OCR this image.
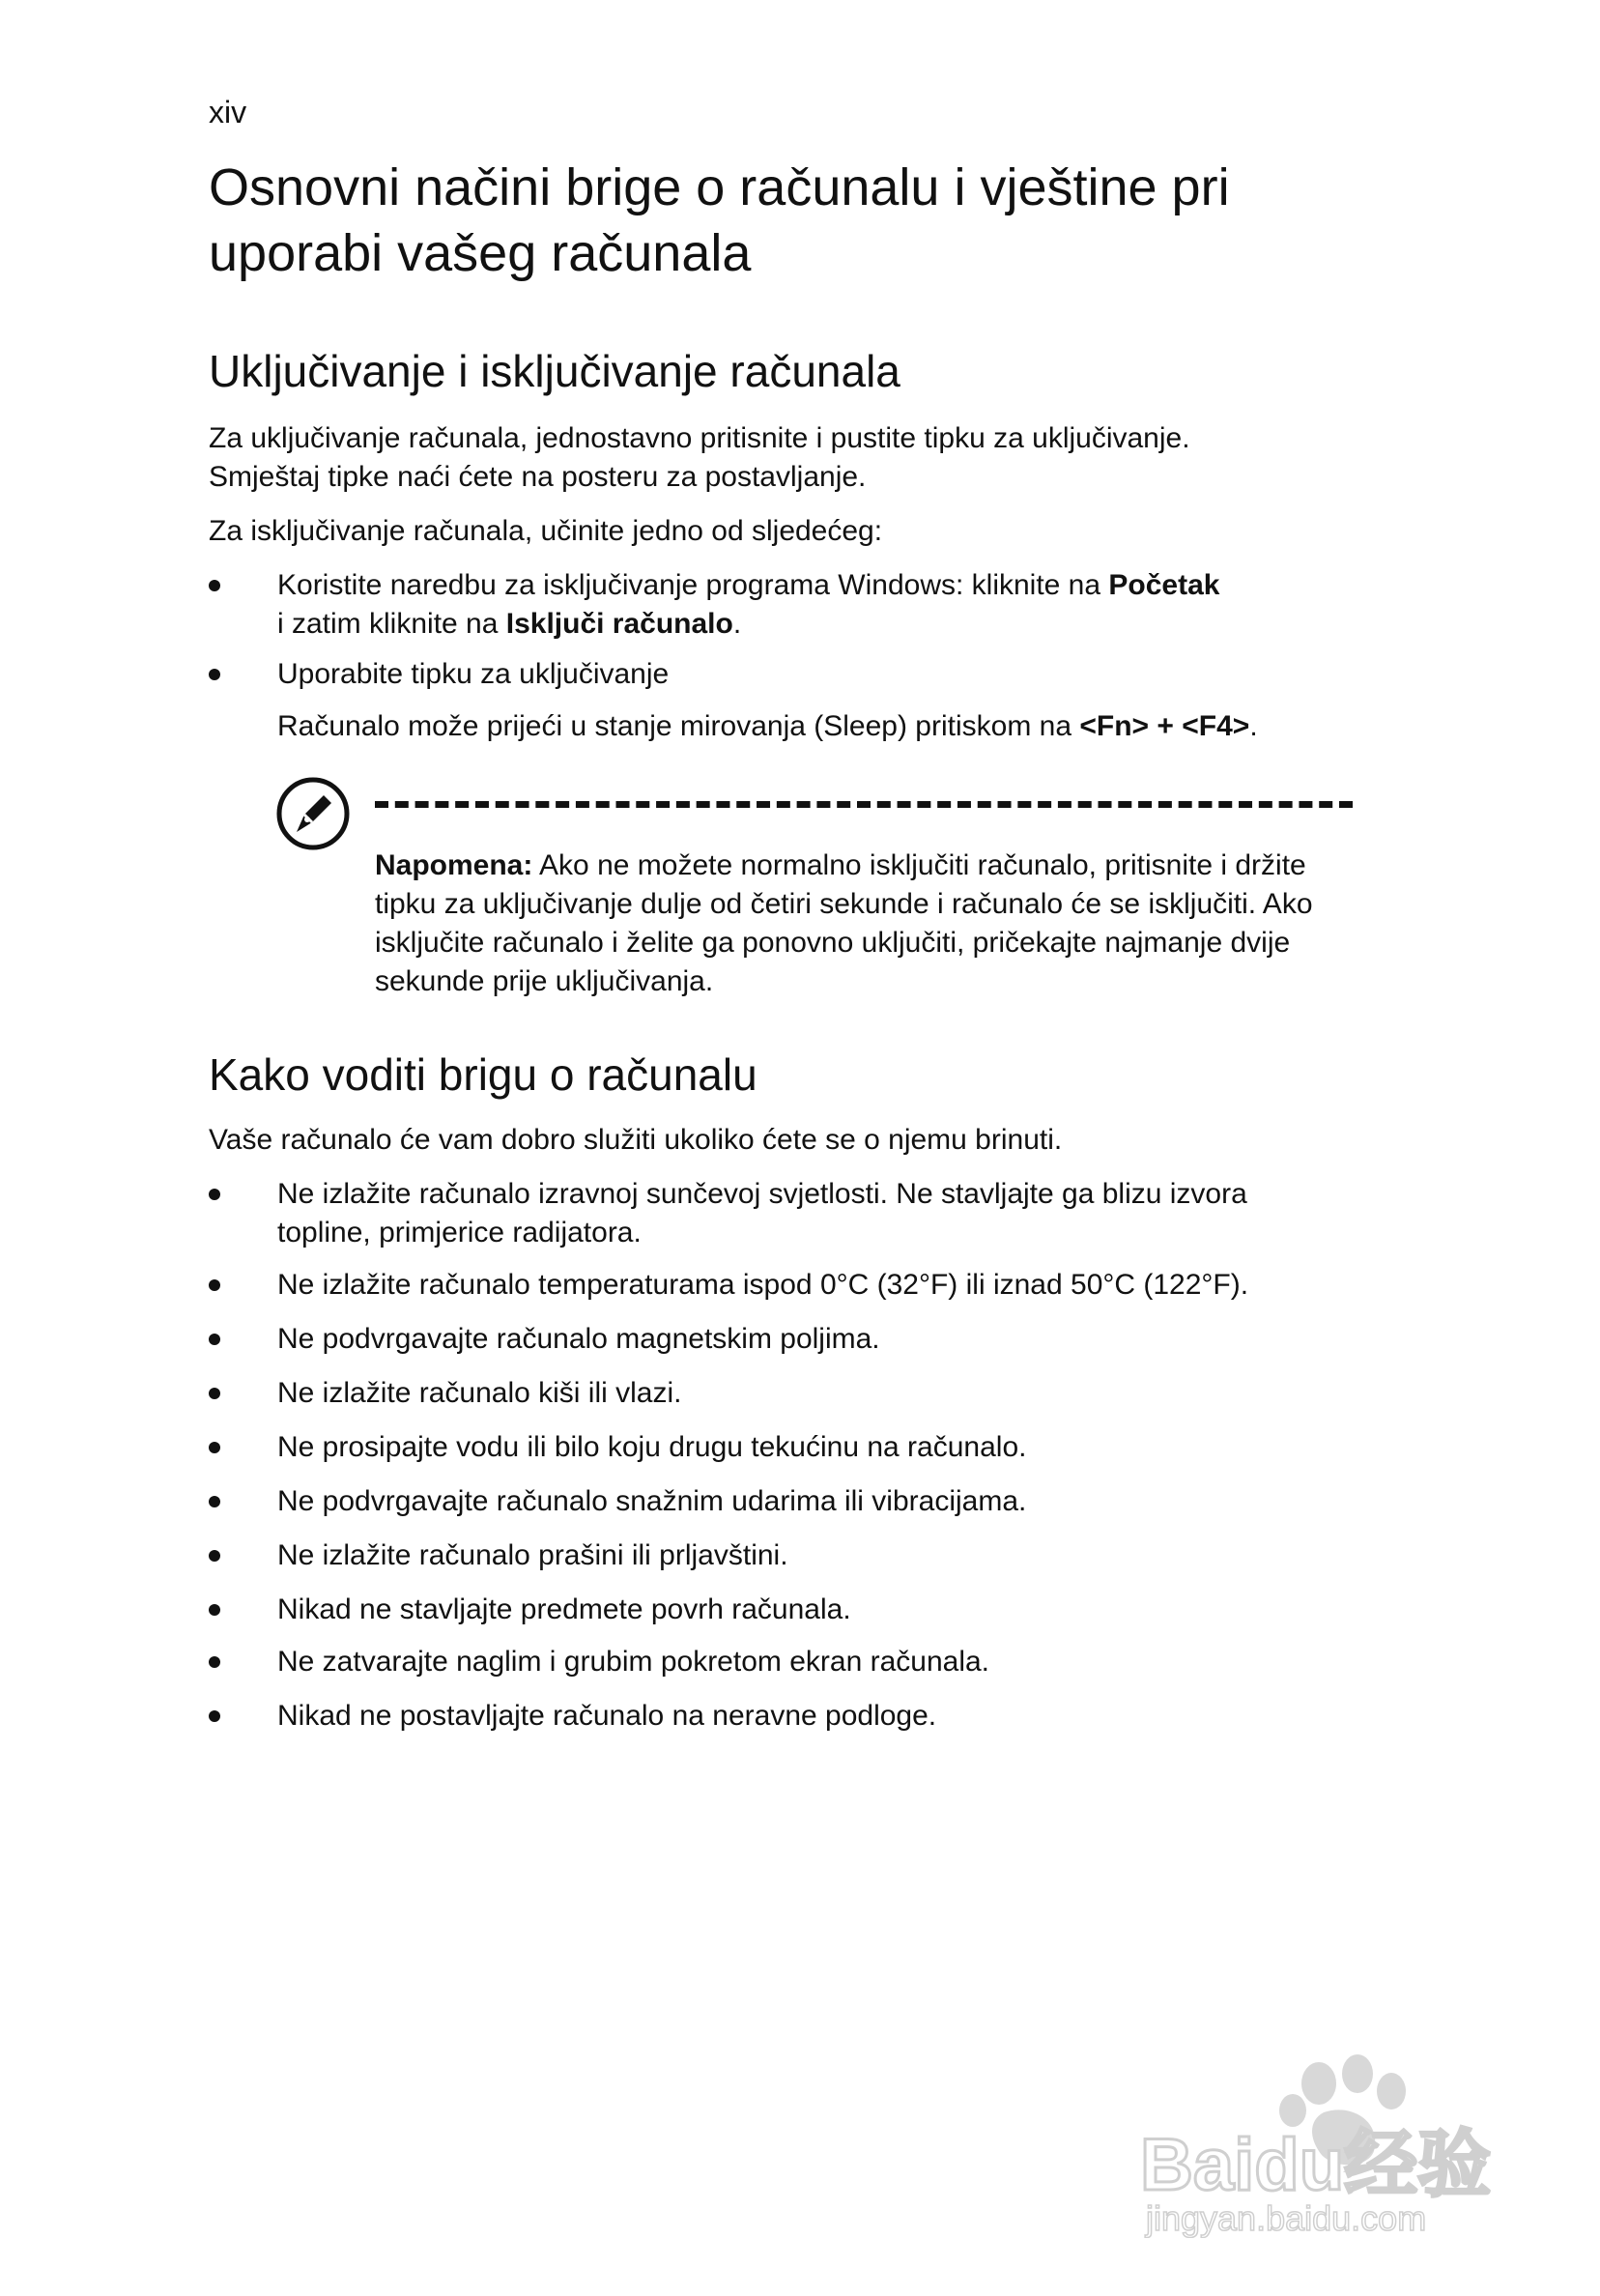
xiv
Osnovni načini brige o računalu i vještine pri uporabi vašeg računala
Uključivanje i isključivanje računala
Za uključivanje računala, jednostavno pritisnite i pustite tipku za uključivanje.
Smještaj tipke naći ćete na posteru za postavljanje.
Za isključivanje računala, učinite jedno od sljedećeg:
Koristite naredbu za isključivanje programa Windows: kliknite na Početak
i zatim kliknite na Isključi računalo.
Uporabite tipku za uključivanje
Računalo može prijeći u stanje mirovanja (Sleep) pritiskom na <Fn> + <F4>.
Napomena: Ako ne možete normalno isključiti računalo, pritisnite i držite tipku za uključivanje dulje od četiri sekunde i računalo će se isključiti. Ako isključite računalo i želite ga ponovno uključiti, pričekajte najmanje dvije sekunde prije uključivanja.
Kako voditi brigu o računalu
Vaše računalo će vam dobro služiti ukoliko ćete se o njemu brinuti.
Ne izlažite računalo izravnoj sunčevoj svjetlosti. Ne stavljajte ga blizu izvora topline, primjerice radijatora.
Ne izlažite računalo temperaturama ispod 0°C (32°F) ili iznad 50°C (122°F).
Ne podvrgavajte računalo magnetskim poljima.
Ne izlažite računalo kiši ili vlazi.
Ne prosipajte vodu ili bilo koju drugu tekućinu na računalo.
Ne podvrgavajte računalo snažnim udarima ili vibracijama.
Ne izlažite računalo prašini ili prljavštini.
Nikad ne stavljajte predmete povrh računala.
Ne zatvarajte naglim i grubim pokretom ekran računala.
Nikad ne postavljajte računalo na neravne podloge.
Baidu经验
jingyan.baidu.com
